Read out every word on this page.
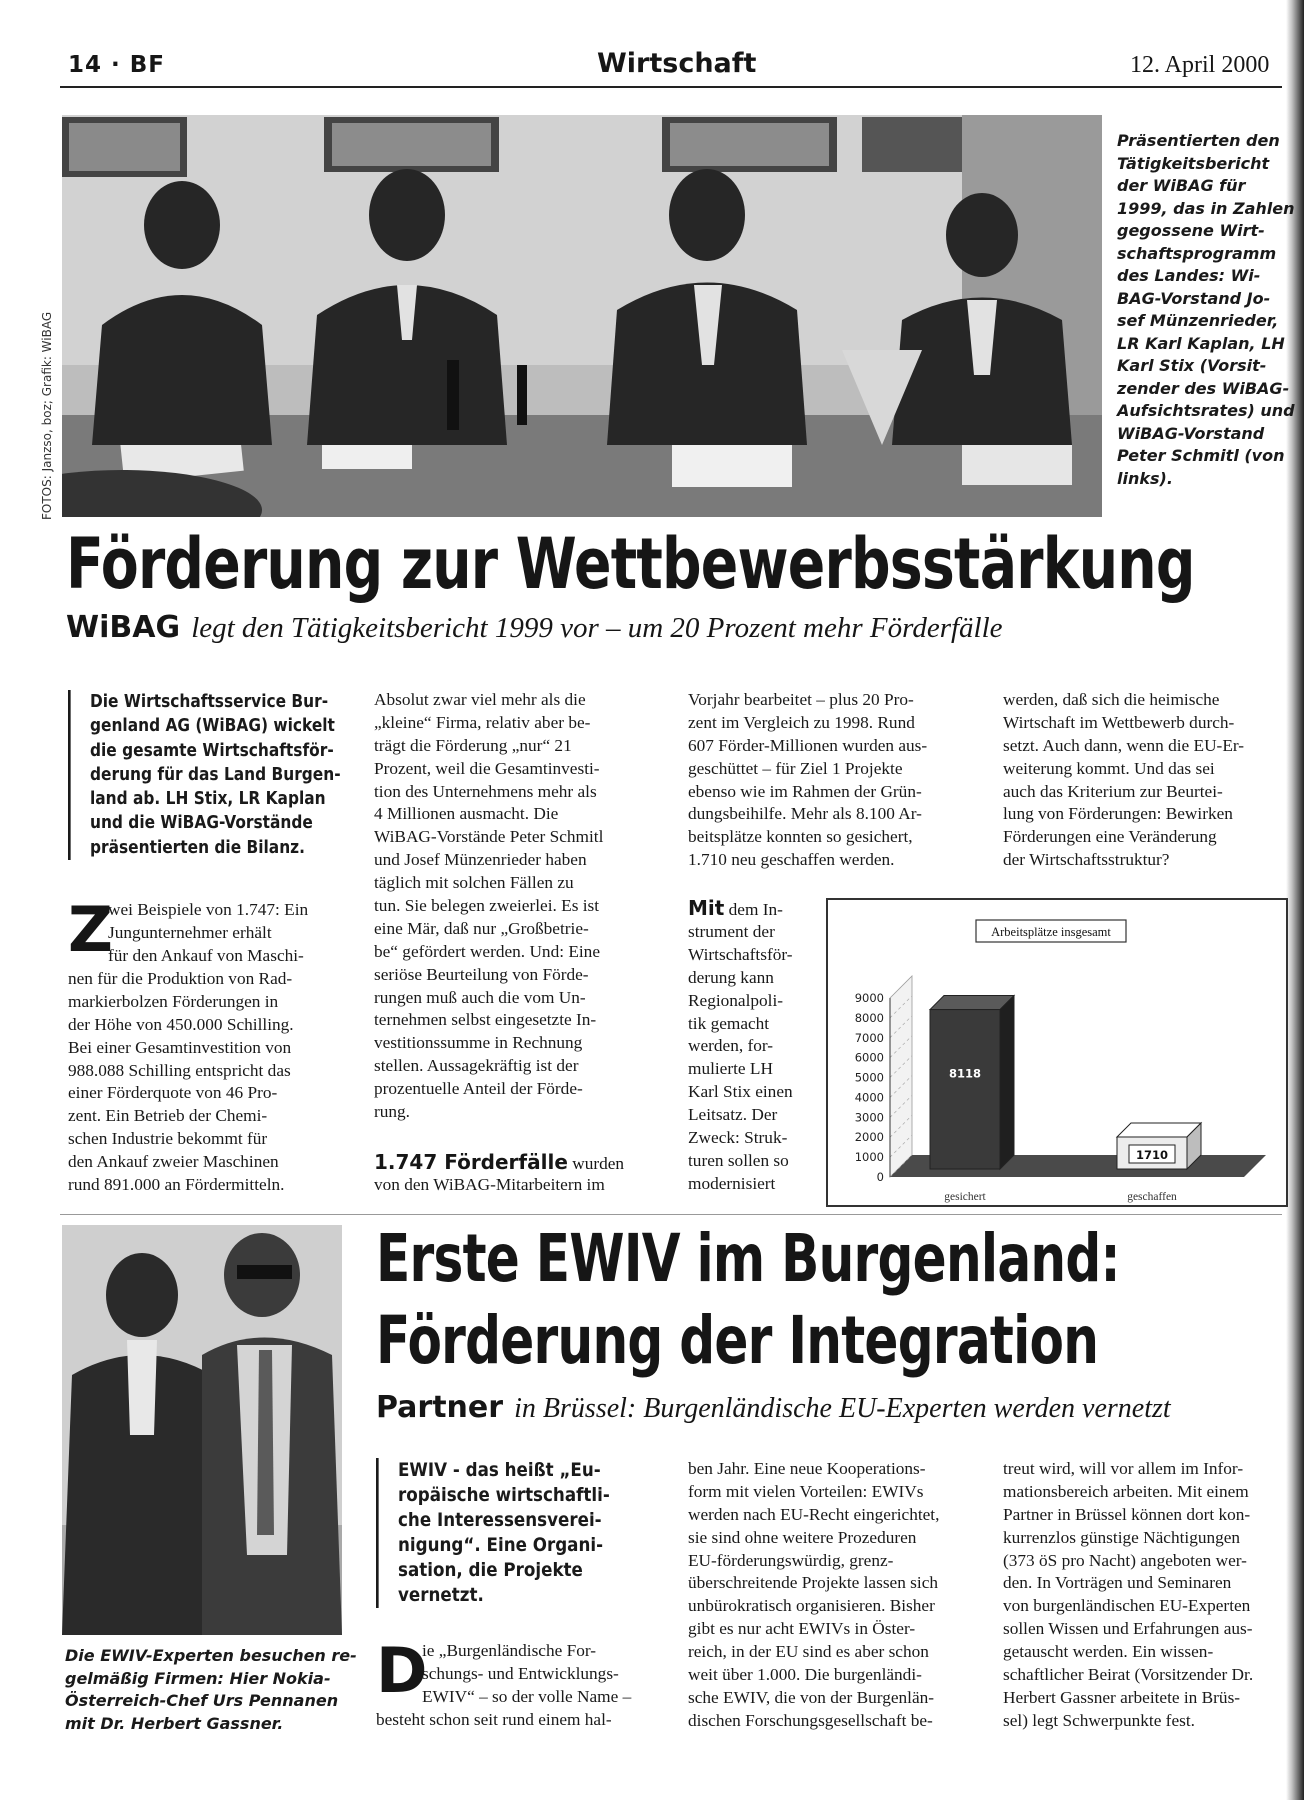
14 · BF	Wirtschaft	12. April 2000
FOTOS: Janzso, boz; Grafik: WiBAG
Präsentierten den
Tätigkeitsbericht
der WiBAG für
1999, das in Zahlen
gegossene Wirt-
schaftsprogramm
des Landes: Wi-
BAG-Vorstand Jo-
sef Münzenrieder,
LR Karl Kaplan, LH
Karl Stix (Vorsit-
zender des WiBAG-
Aufsichtsrates) und
WiBAG-Vorstand
Peter Schmitl (von
links).
Förderung zur Wettbewerbsstärkung
WiBAG legt den Tätigkeitsbericht 1999 vor – um 20 Prozent mehr Förderfälle
Die Wirtschaftsservice Bur-
genland AG (WiBAG) wickelt
die gesamte Wirtschaftsför-
derung für das Land Burgen-
land ab. LH Stix, LR Kaplan
und die WiBAG-Vorstände
präsentierten die Bilanz.
Z
wei Beispiele von 1.747: Ein
Jungunternehmer erhält
für den Ankauf von Maschi-
nen für die Produktion von Rad-
markierbolzen Förderungen in
der Höhe von 450.000 Schilling.
Bei einer Gesamtinvestition von
988.088 Schilling entspricht das
einer Förderquote von 46 Pro-
zent. Ein Betrieb der Chemi-
schen Industrie bekommt für
den Ankauf zweier Maschinen
rund 891.000 an Fördermitteln.
Absolut zwar viel mehr als die
„kleine“ Firma, relativ aber be-
trägt die Förderung „nur“ 21
Prozent, weil die Gesamtinvesti-
tion des Unternehmens mehr als
4 Millionen ausmacht. Die
WiBAG-Vorstände Peter Schmitl
und Josef Münzenrieder haben
täglich mit solchen Fällen zu
tun. Sie belegen zweierlei. Es ist
eine Mär, daß nur „Großbetrie-
be“ gefördert werden. Und: Eine
seriöse Beurteilung von Förde-
rungen muß auch die vom Un-
ternehmen selbst eingesetzte In-
vestitionssumme in Rechnung
stellen. Aussagekräftig ist der
prozentuelle Anteil der Förde-
rung.
1.747 Förderfälle wurden
von den WiBAG-Mitarbeitern im
Vorjahr bearbeitet – plus 20 Pro-
zent im Vergleich zu 1998. Rund
607 Förder-Millionen wurden aus-
geschüttet – für Ziel 1 Projekte
ebenso wie im Rahmen der Grün-
dungsbeihilfe. Mehr als 8.100 Ar-
beitsplätze konnten so gesichert,
1.710 neu geschaffen werden.
Mit dem In-
strument der
Wirtschaftsför-
derung kann
Regionalpoli-
tik gemacht
werden, for-
mulierte LH
Karl Stix einen
Leitsatz. Der
Zweck: Struk-
turen sollen so
modernisiert
werden, daß sich die heimische
Wirtschaft im Wettbewerb durch-
setzt. Auch dann, wenn die EU-Er-
weiterung kommt. Und das sei
auch das Kriterium zur Beurtei-
lung von Förderungen: Bewirken
Förderungen eine Veränderung
der Wirtschaftsstruktur?
Arbeitsplätze insgesamt
0
1000
2000
3000
4000
5000
6000
7000
8000
9000
8118
gesichert
1710
geschaffen
Die EWIV-Experten besuchen re-
gelmäßig Firmen: Hier Nokia-
Österreich-Chef Urs Pennanen
mit Dr. Herbert Gassner.
Erste EWIV im Burgenland:
Förderung der Integration
Partner in Brüssel: Burgenländische EU-Experten werden vernetzt
EWIV - das heißt „Eu-
ropäische wirtschaftli-
che Interessensverei-
nigung“. Eine Organi-
sation, die Projekte
vernetzt.
D
ie „Burgenländische For-
schungs- und Entwicklungs-
EWIV“ – so der volle Name –
besteht schon seit rund einem hal-
ben Jahr. Eine neue Kooperations-
form mit vielen Vorteilen: EWIVs
werden nach EU-Recht eingerichtet,
sie sind ohne weitere Prozeduren
EU-förderungswürdig, grenz-
überschreitende Projekte lassen sich
unbürokratisch organisieren. Bisher
gibt es nur acht EWIVs in Öster-
reich, in der EU sind es aber schon
weit über 1.000. Die burgenländi-
sche EWIV, die von der Burgenlän-
dischen Forschungsgesellschaft be-
treut wird, will vor allem im Infor-
mationsbereich arbeiten. Mit einem
Partner in Brüssel können dort kon-
kurrenzlos günstige Nächtigungen
(373 öS pro Nacht) angeboten wer-
den. In Vorträgen und Seminaren
von burgenländischen EU-Experten
sollen Wissen und Erfahrungen aus-
getauscht werden. Ein wissen-
schaftlicher Beirat (Vorsitzender Dr.
Herbert Gassner arbeitete in Brüs-
sel) legt Schwerpunkte fest.
